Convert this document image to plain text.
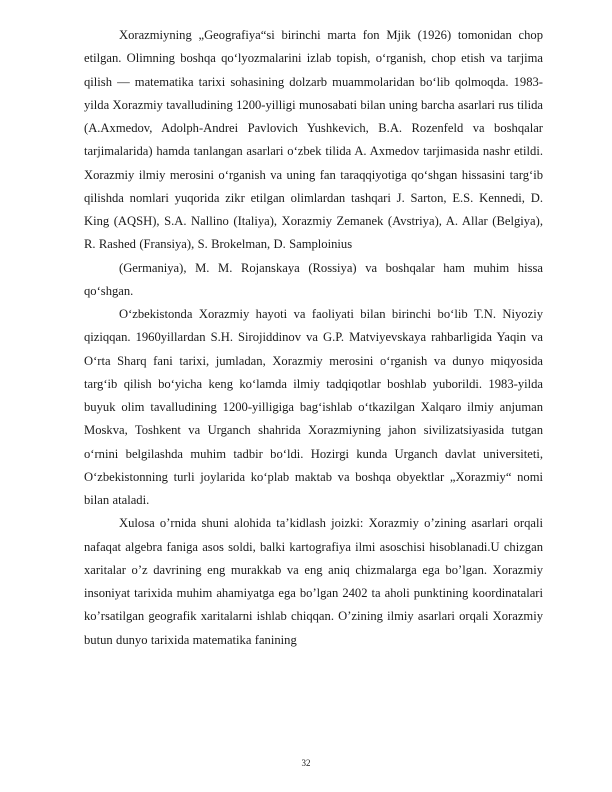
Xorazmiyning „Geografiya“si birinchi marta fon Mjik (1926) tomonidan chop etilgan. Olimning boshqa qo‘lyozmalarini izlab topish, o‘rganish, chop etish va tarjima qilish — matematika tarixi sohasining dolzarb muammolaridan bo‘lib qolmoqda. 1983-yilda Xorazmiy tavalludining 1200-yilligi munosabati bilan uning barcha asarlari rus tilida (A.Axmedov, Adolph-Andrei Pavlovich Yushkevich, B.A. Rozenfeld va boshqalar tarjimalarida) hamda tanlangan asarlari o‘zbek tilida A. Axmedov tarjimasida nashr etildi. Xorazmiy ilmiy merosini o‘rganish va uning fan taraqqiyotiga qo‘shgan hissasini targ‘ib qilishda nomlari yuqorida zikr etilgan olimlardan tashqari J. Sarton, E.S. Kennedi, D. King (AQSH), S.A. Nallino (Italiya), Xorazmiy Zemanek (Avstriya), A. Allar (Belgiya), R. Rashed (Fransiya), S. Brokelman, D. Samploinius

(Germaniya), M. M. Rojanskaya (Rossiya) va boshqalar ham muhim hissa qo‘shgan.

O‘zbekistonda Xorazmiy hayoti va faoliyati bilan birinchi bo‘lib T.N. Niyoziy qiziqqan. 1960yillardan S.H. Sirojiddinov va G.P. Matviyevskaya rahbarligida Yaqin va O‘rta Sharq fani tarixi, jumladan, Xorazmiy merosini o‘rganish va dunyo miqyosida targ‘ib qilish bo‘yicha keng ko‘lamda ilmiy tadqiqotlar boshlab yuborildi. 1983-yilda buyuk olim tavalludining 1200-yilligiga bag‘ishlab o‘tkazilgan Xalqaro ilmiy anjuman Moskva, Toshkent va Urganch shahrida Xorazmiyning jahon sivilizatsiyasida tutgan o‘rnini belgilashda muhim tadbir bo‘ldi. Hozirgi kunda Urganch davlat universiteti, O‘zbekistonning turli joylarida ko‘plab maktab va boshqa obyektlar „Xorazmiy“ nomi bilan ataladi.

Xulosa o’rnida shuni alohida ta’kidlash joizki: Xorazmiy o’zining asarlari orqali nafaqat algebra faniga asos soldi, balki kartografiya ilmi asoschisi hisoblanadi.U chizgan xaritalar o’z davrining eng murakkab va eng aniq chizmalarga ega bo’lgan. Xorazmiy insoniyat tarixida muhim ahamiyatga ega bo’lgan 2402 ta aholi punktining koordinatalari ko’rsatilgan geografik xaritalarni ishlab chiqqan. O’zining ilmiy asarlari orqali Xorazmiy butun dunyo tarixida matematika fanining

32
